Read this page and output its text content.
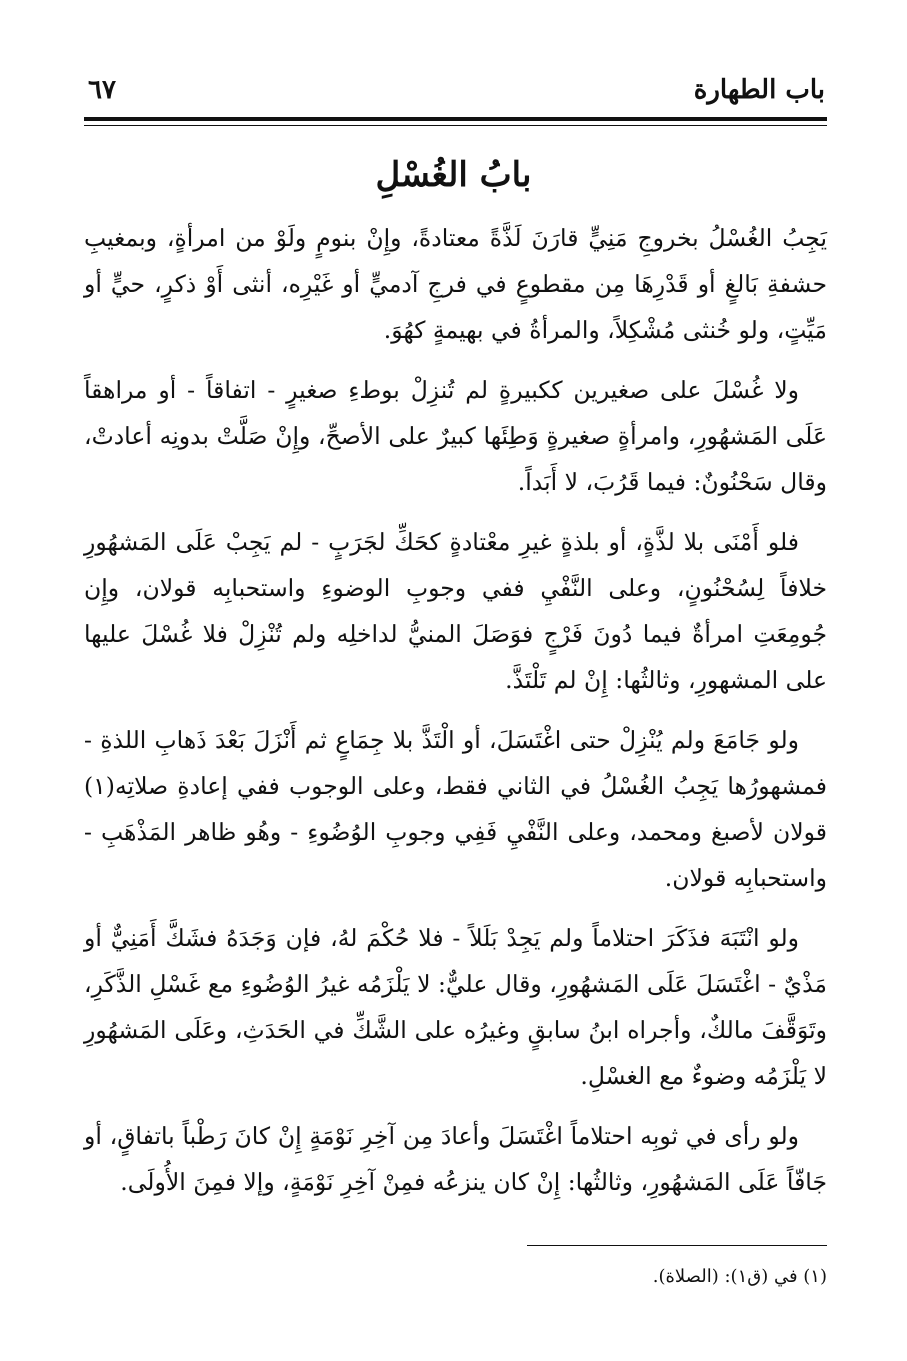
باب الطهارة
٦٧
بابُ الغُسْلِ

يَجِبُ الغُسْلُ بخروجِ مَنِيٍّ قارَنَ لَذَّةً معتادةً، وإِنْ بنومٍ ولَوْ من امرأةٍ، وبمغيبِ حشفةِ بَالغٍ أو قَدْرِهَا مِن مقطوعٍ في فرجِ آدميٍّ أو غَيْرِه، أنثى أَوْ ذكرٍ، حيٍّ أو مَيِّتٍ، ولو خُنثى مُشْكِلاً، والمرأةُ في بهيمةٍ كهُوَ.

ولا غُسْلَ على صغيرين ككبيرةٍ لم تُنزِلْ بوطءِ صغيرٍ - اتفاقاً - أو مراهقاً عَلَى المَشهُورِ، وامرأةٍ صغيرةٍ وَطِئَها كبيرٌ على الأصحِّ، وإِنْ صَلَّتْ بدونِه أعادتْ، وقال سَحْنُونٌ: فيما قَرُبَ، لا أَبَداً.

فلو أَمْنَى بلا لذَّةٍ، أو بلذةٍ غيرِ معْتادةٍ كحَكِّ لجَرَبٍ - لم يَجِبْ عَلَى المَشهُورِ خلافاً لِسُحْنُونٍ، وعلى النَّفْيِ ففي وجوبِ الوضوءِ واستحبابِه قولان، وإِن جُومِعَتِ امرأةٌ فيما دُونَ فَرْجٍ فوَصَلَ المنيُّ لداخلِه ولم تُنْزِلْ فلا غُسْلَ عليها على المشهورِ، وثالثُها: إِنْ لم تَلْتَذَّ.

ولو جَامَعَ ولم يُنْزِلْ حتى اغْتَسَلَ، أو الْتَذَّ بلا جِمَاعٍ ثم أَنْزَلَ بَعْدَ ذَهابِ اللذةِ - فمشهورُها يَجِبُ الغُسْلُ في الثاني فقط، وعلى الوجوب ففي إعادةِ صلاتِه(١) قولان لأصبغ ومحمد، وعلى النَّفْيِ فَفِي وجوبِ الوُضُوءِ - وهُو ظاهر المَذْهَبِ - واستحبابِه قولان.

ولو انْتَبَهَ فذَكَرَ احتلاماً ولم يَجِدْ بَلَلاً - فلا حُكْمَ لهُ، فإن وَجَدَهُ فشَكَّ أَمَنِيٌّ أو مَذْيٌ - اغْتَسَلَ عَلَى المَشهُورِ، وقال عليٌّ: لا يَلْزَمُه غيرُ الوُضُوءِ مع غَسْلِ الذَّكَرِ، وتَوَقَّفَ مالكٌ، وأجراه ابنُ سابقٍ وغيرُه على الشَّكِّ في الحَدَثِ، وعَلَى المَشهُورِ لا يَلْزَمُه وضوءٌ مع الغسْلِ.

ولو رأى في ثوبِه احتلاماً اغْتَسَلَ وأعادَ مِن آخِرِ نَوْمَةٍ إِنْ كانَ رَطْباً باتفاقٍ، أو جَافّاً عَلَى المَشهُورِ، وثالثُها: إِنْ كان ينزعُه فمِنْ آخِرِ نَوْمَةٍ، وإلا فمِنَ الأُولَى.

(١) في (ق١): (الصلاة).
